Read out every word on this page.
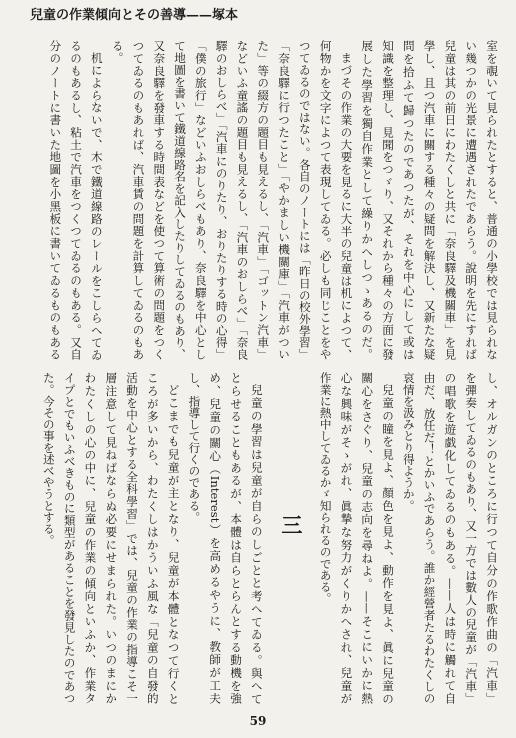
兒童の作業傾向とその善導——塚本
室を覗いて見られたとすると、普通の小學校では見られな
い幾つかの光景に遭遇されたであらう。說明を先にすれば
兒童は其の前日にわたくしと共に「奈良驛及機關車」を見
學し、且つ汽車に關する種々の疑問を解決し、又新たな疑
問を拾ふて歸つたのであつたが、それを中心にして或は
知識を整理し、見聞をつゞり、又それから種々の方面に發
展した學習を獨自作業として繰りかへしつゝあるのだ。
まづその作業の大要を見るに大半の兒童は机によつて、
何物かを文字によつて表現してゐる。必しも同じことをや
つてゐるのではない。各自のノートには「昨日の校外學習」
「奈良驛に行つたこと」「やかましい機關庫」「汽車がつい
た」等の綴方の題目も見えるし、「汽車」「ゴットン汽車」
などいふ童謠の題目も見えるし、「汽車のおしらべ」「奈良
驛のおしらべ」「汽車にのりたり、おりたりする時の心得」
「僕の旅行」などいふおしらべもあり、奈良驛を中心とし
て地圖を書いて鐵道線路名を記入したりしてゐるのもあり、
又奈良驛を發車する時間表などを使つて算術の問題をつく
つてゐるのもあれば、汽車賃の問題を計算してゐるのもあ
る。
机によらないで、木で鐵道線路のレールをこしらへてゐ
るのもあるし、粘土で汽車をつくつてゐるのもある。又自
分のノートに書いた地圖を小黑板に書いてゐるものもある
し、オルガンのところに行つて自分の作歌作曲の「汽車」
を彈奏してゐるのもあり、又一方では數人の兒童が「汽車」
の唱歌を遊戯化してゐるのもある。——人は時に觸れて自
由だ、放任だ！とかいふであらう。誰か經營者たるわたくしの
哀情を汲みとり得ようか。
兒童の瞳を見よ、顏色を見よ、動作を見よ、眞に兒童の
關心をさぐり、兒童の志向を尋ねよ。——そこにいかに熱
心な興味がそゝがれ、眞摯な努力がくりかへされ、兒童が
作業に熱中してゐるかゞ知られるのである。
三
兒童の學習は兒童が自らのしごとと考へてゐる。與へて
とらせることもあるが、本體は自らとらんとする動機を強
め、兒童の關心（Interest）を高めるやうに、教師が工夫
し、指導して行くのである。
どこまでも兒童が主となり、兒童が本體となつて行くと
ころが多いから、わたくしはかういふ風な「兒童の自發的
活動を中心とする全科學習」では、兒童の作業の指導こそ一
層注意して見ねばならぬ必要にせまられた。いつのまにか
わたくしの心の中に、兒童の作業の傾向といふか、作業タ
イプとでもいふべきものに類型があることを發見したのであつ
た。今その事を述べやうとする。
59
